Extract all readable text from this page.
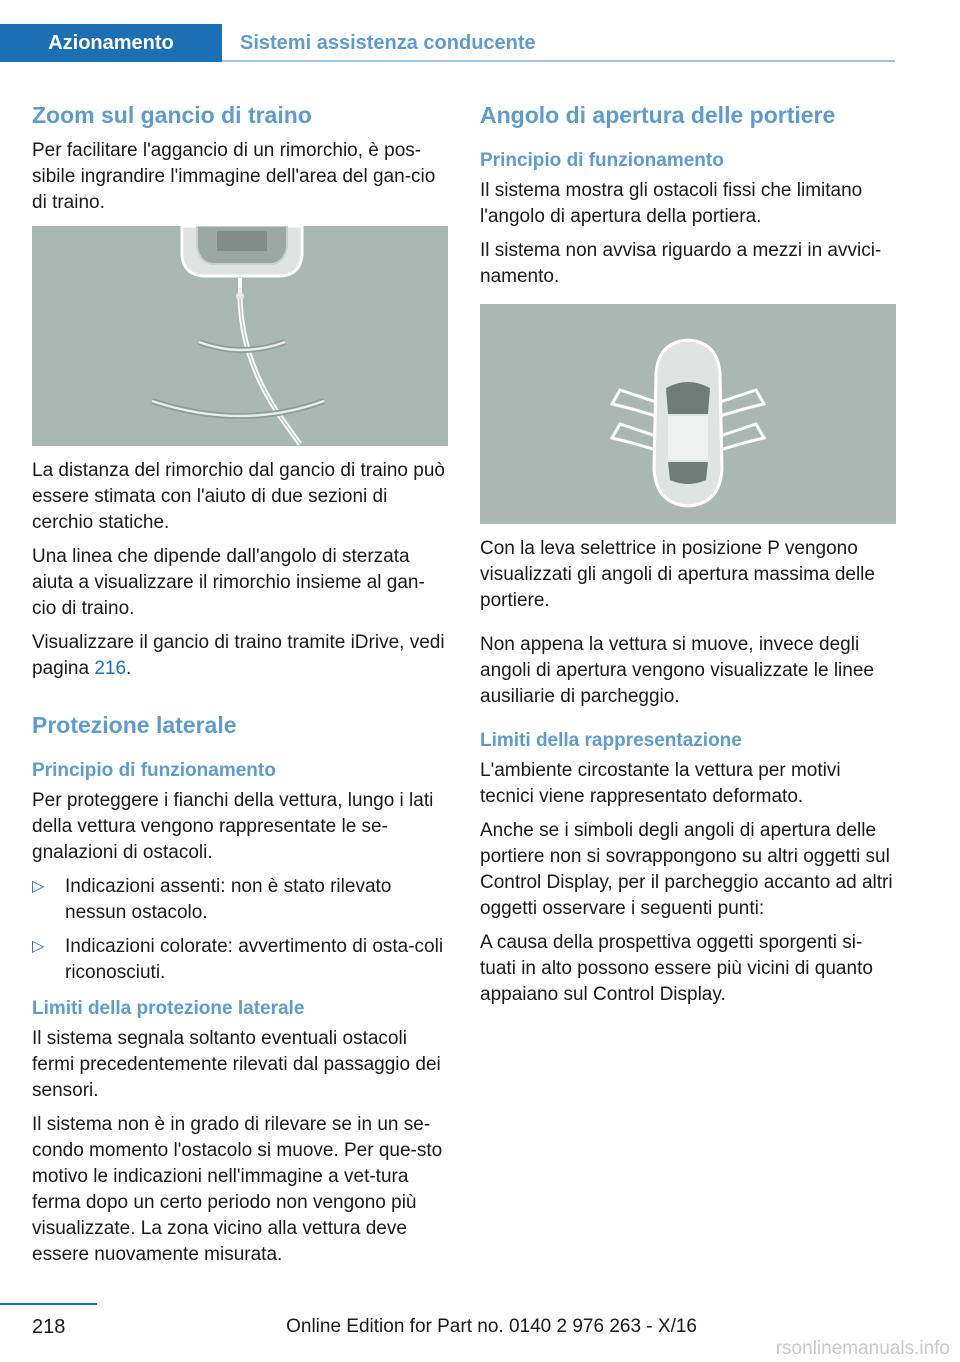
Azionamento	Sistemi assistenza conducente
Zoom sul gancio di traino

Per facilitare l'aggancio di un rimorchio, è pos-sibile ingrandire l'immagine dell'area del gan-cio di traino.

La distanza del rimorchio dal gancio di traino può essere stimata con l'aiuto di due sezioni di cerchio statiche.

Una linea che dipende dall'angolo di sterzata aiuta a visualizzare il rimorchio insieme al gan-cio di traino.

Visualizzare il gancio di traino tramite iDrive, vedi pagina 216.

Protezione laterale
Principio di funzionamento

Per proteggere i fianchi della vettura, lungo i lati della vettura vengono rappresentate le se-gnalazioni di ostacoli.

▷ Indicazioni assenti: non è stato rilevato nessun ostacolo.
▷ Indicazioni colorate: avvertimento di osta-coli riconosciuti.
Limiti della protezione laterale

Il sistema segnala soltanto eventuali ostacoli fermi precedentemente rilevati dal passaggio dei sensori.

Il sistema non è in grado di rilevare se in un se-condo momento l'ostacolo si muove. Per que-sto motivo le indicazioni nell'immagine a vet-tura ferma dopo un certo periodo non vengono più visualizzate. La zona vicino alla vettura deve essere nuovamente misurata.

Angolo di apertura delle portiere
Principio di funzionamento

Il sistema mostra gli ostacoli fissi che limitano l'angolo di apertura della portiera.

Il sistema non avvisa riguardo a mezzi in avvici-namento.

Con la leva selettrice in posizione P vengono visualizzati gli angoli di apertura massima delle portiere.

Non appena la vettura si muove, invece degli angoli di apertura vengono visualizzate le linee ausiliarie di parcheggio.

Limiti della rappresentazione

L'ambiente circostante la vettura per motivi tecnici viene rappresentato deformato.

Anche se i simboli degli angoli di apertura delle portiere non si sovrappongono su altri oggetti sul Control Display, per il parcheggio accanto ad altri oggetti osservare i seguenti punti:

A causa della prospettiva oggetti sporgenti si-tuati in alto possono essere più vicini di quanto appaiano sul Control Display.

218	Online Edition for Part no. 0140 2 976 263 - X/16
rsonlinemanuals.info
